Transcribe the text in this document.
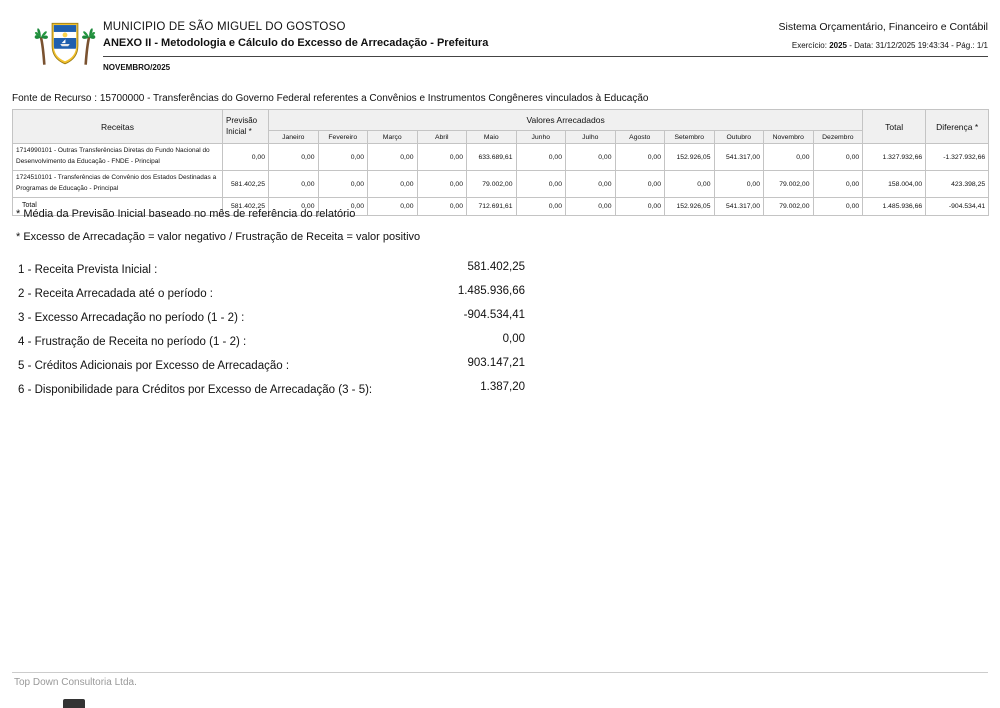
MUNICIPIO DE SÃO MIGUEL DO GOSTOSO
ANEXO II - Metodologia e Cálculo do Excesso de Arrecadação - Prefeitura
NOVEMBRO/2025
Sistema Orçamentário, Financeiro e Contábil
Exercício: 2025 - Data: 31/12/2025 19:43:34 - Pág.: 1/1
Fonte de Recurso : 15700000 - Transferências do Governo Federal referentes a Convênios e Instrumentos Congêneres vinculados à Educação
Receitas	Previsão Inicial *	Valores Arrecadados												Total	Diferença *
		Janeiro	Fevereiro	Março	Abril	Maio	Junho	Julho	Agosto	Setembro	Outubro	Novembro	Dezembro		
1714990101 - Outras Transferências Diretas do Fundo Nacional do Desenvolvimento da Educação - FNDE - Principal	0,00	0,00	0,00	0,00	0,00	633.689,61	0,00	0,00	0,00	152.926,05	541.317,00	0,00	0,00	1.327.932,66	-1.327.932,66
1724510101 - Transferências de Convênio dos Estados Destinadas a Programas de Educação - Principal	581.402,25	0,00	0,00	0,00	0,00	79.002,00	0,00	0,00	0,00	0,00	0,00	79.002,00	0,00	158.004,00	423.398,25
Total	581.402,25	0,00	0,00	0,00	0,00	712.691,61	0,00	0,00	0,00	152.926,05	541.317,00	79.002,00	0,00	1.485.936,66	-904.534,41
* Média da Previsão Inicial baseado no mês de referência do relatório
* Excesso de Arrecadação = valor negativo / Frustração de Receita = valor positivo
1 - Receita Prevista Inicial :	581.402,25
2 - Receita Arrecadada até o período :	1.485.936,66
3 - Excesso Arrecadação no período (1 - 2) :	-904.534,41
4 - Frustração de Receita no período (1 - 2) :	0,00
5 - Créditos Adicionais por Excesso de Arrecadação :	903.147,21
6 - Disponibilidade para Créditos por Excesso de Arrecadação (3 - 5):	1.387,20
Top Down Consultoria Ltda.
